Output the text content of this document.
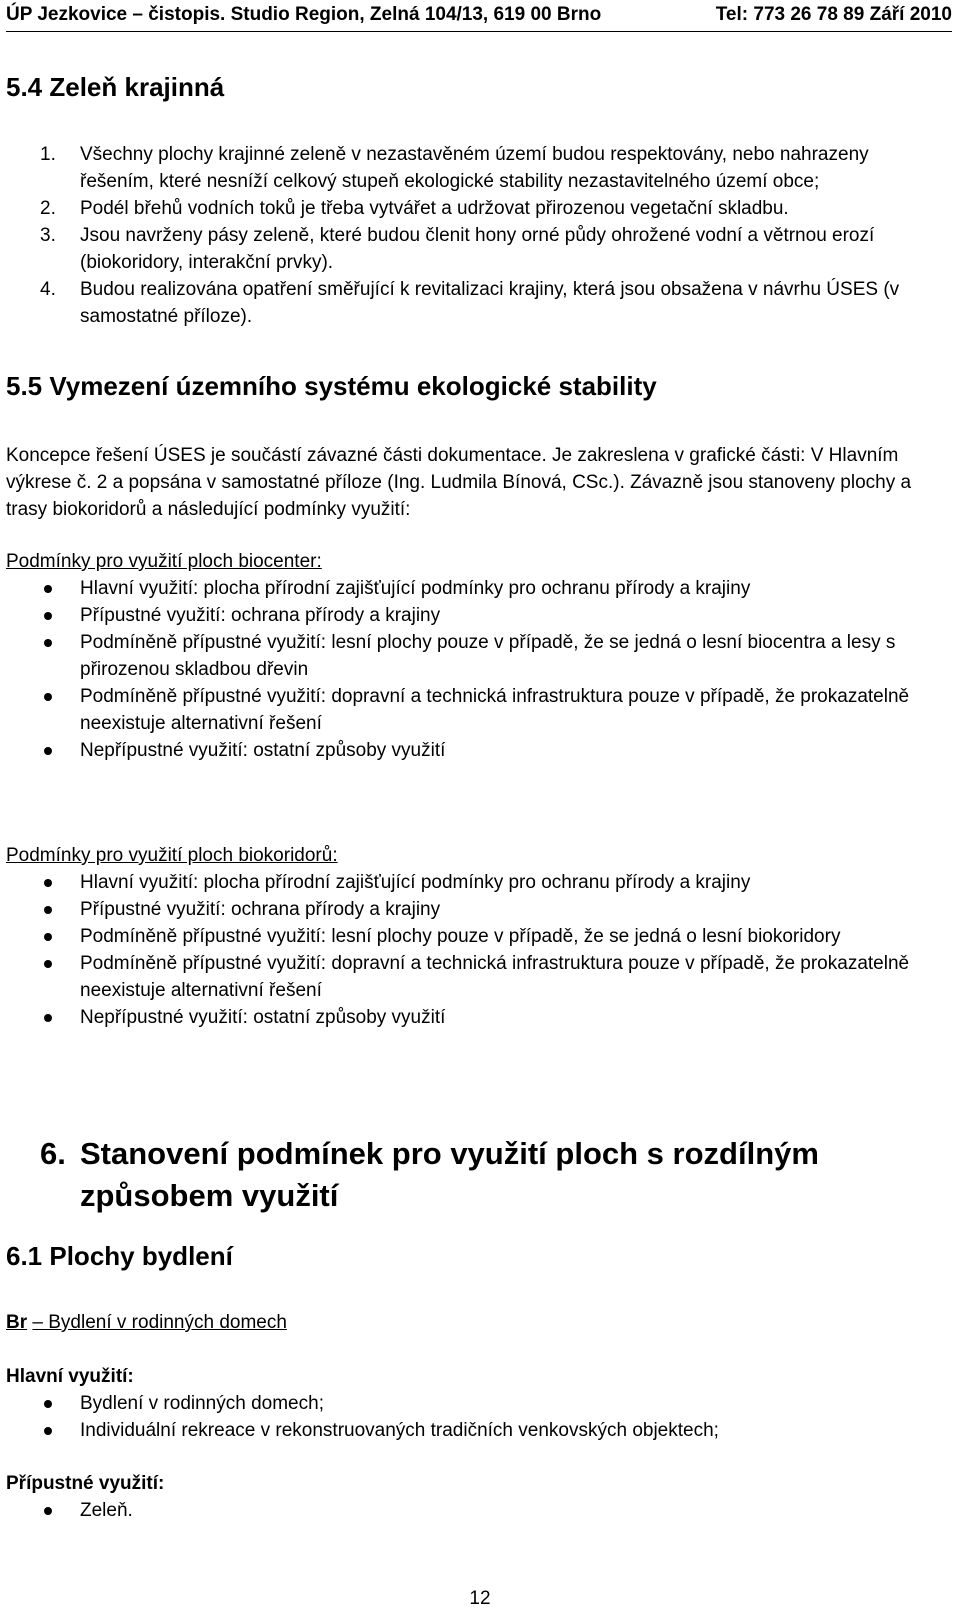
ÚP Jezkovice – čistopis. Studio Region, Zelná 104/13, 619 00 Brno	Tel: 773 26 78 89 Září 2010
5.4 Zeleň krajinná
1. Všechny plochy krajinné zeleně v nezastavěném území budou respektovány, nebo nahrazeny řešením, které nesníží celkový stupeň ekologické stability nezastavitelného území obce;
2. Podél břehů vodních toků je třeba vytvářet a udržovat přirozenou vegetační skladbu.
3. Jsou navrženy pásy zeleně, které budou členit hony orné půdy ohrožené vodní a větrnou erozí (biokoridory, interakční prvky).
4. Budou realizována opatření směřující k revitalizaci krajiny, která jsou obsažena v návrhu ÚSES (v samostatné příloze).
5.5 Vymezení územního systému ekologické stability

Koncepce řešení ÚSES je součástí závazné části dokumentace. Je zakreslena v grafické části: V Hlavním výkrese č. 2 a popsána v samostatné příloze (Ing. Ludmila Bínová, CSc.). Závazně jsou stanoveny plochy a trasy biokoridorů a následující podmínky využití:

Podmínky pro využití ploch biocenter:

Hlavní využití: plocha přírodní zajišťující podmínky pro ochranu přírody a krajiny
Přípustné využití: ochrana přírody a krajiny
Podmíněně přípustné využití: lesní plochy pouze v případě, že se jedná o lesní biocentra a lesy s přirozenou skladbou dřevin
Podmíněně přípustné využití: dopravní a technická infrastruktura pouze v případě, že prokazatelně neexistuje alternativní řešení
Nepřípustné využití: ostatní způsoby využití

Podmínky pro využití ploch biokoridorů:

Hlavní využití: plocha přírodní zajišťující podmínky pro ochranu přírody a krajiny
Přípustné využití: ochrana přírody a krajiny
Podmíněně přípustné využití: lesní plochy pouze v případě, že se jedná o lesní biokoridory
Podmíněně přípustné využití: dopravní a technická infrastruktura pouze v případě, že prokazatelně neexistuje alternativní řešení
Nepřípustné využití: ostatní způsoby využití
6. Stanovení podmínek pro využití ploch s rozdílným způsobem využití
6.1 Plochy bydlení

Br – Bydlení v rodinných domech

Hlavní využití:

Bydlení v rodinných domech;
Individuální rekreace v rekonstruovaných tradičních venkovských objektech;

Přípustné využití:

Zeleň.
12
